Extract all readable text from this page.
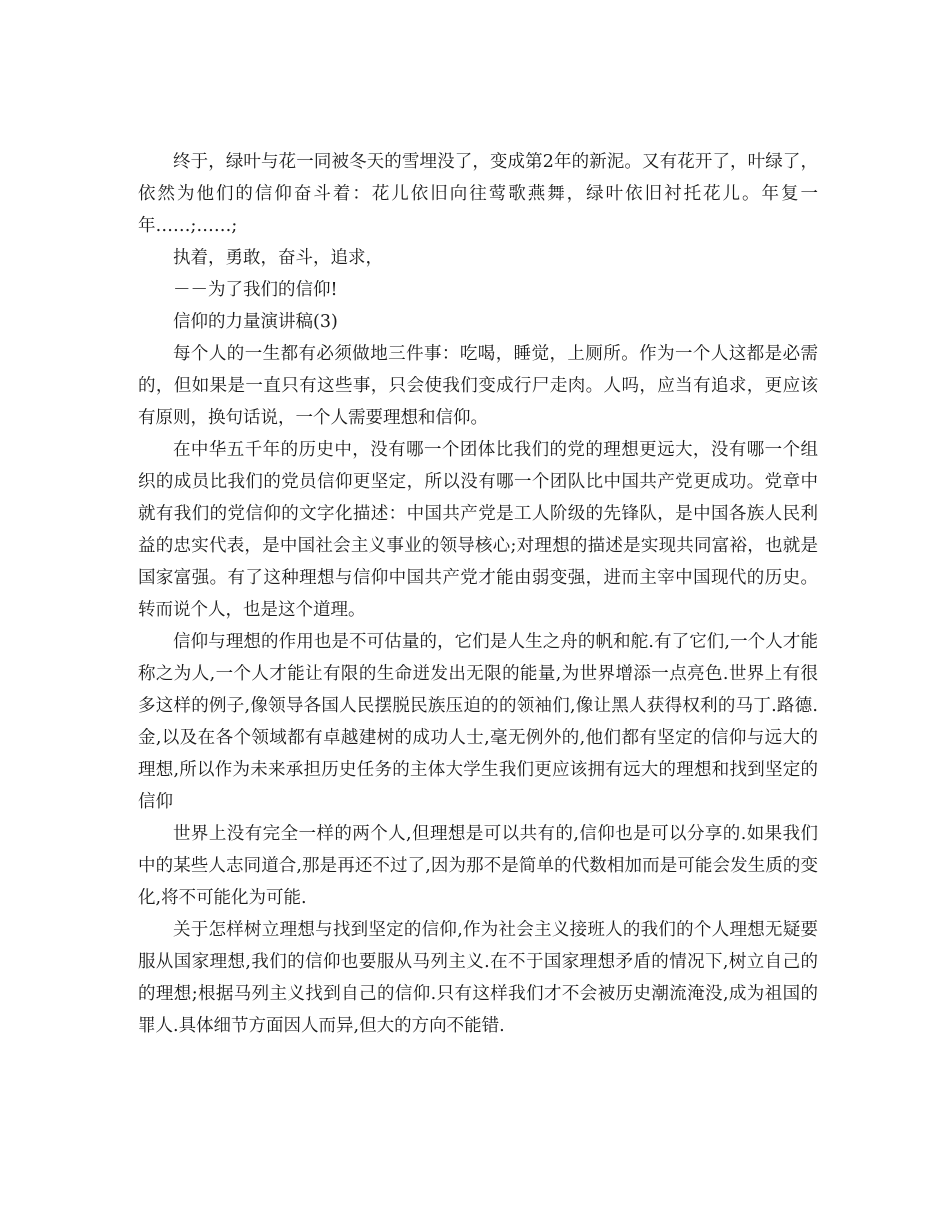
终于，绿叶与花一同被冬天的雪埋没了，变成第2年的新泥。又有花开了，叶绿了，依然为他们的信仰奋斗着：花儿依旧向往莺歌燕舞，绿叶依旧衬托花儿。年复一年……;……;

执着，勇敢，奋斗，追求，

－－为了我们的信仰!

信仰的力量演讲稿(3)

每个人的一生都有必须做地三件事：吃喝，睡觉，上厕所。作为一个人这都是必需的，但如果是一直只有这些事，只会使我们变成行尸走肉。人吗，应当有追求，更应该有原则，换句话说，一个人需要理想和信仰。

在中华五千年的历史中，没有哪一个团体比我们的党的理想更远大，没有哪一个组织的成员比我们的党员信仰更坚定，所以没有哪一个团队比中国共产党更成功。党章中就有我们的党信仰的文字化描述：中国共产党是工人阶级的先锋队，是中国各族人民利益的忠实代表，是中国社会主义事业的领导核心;对理想的描述是实现共同富裕，也就是国家富强。有了这种理想与信仰中国共产党才能由弱变强，进而主宰中国现代的历史。转而说个人，也是这个道理。

信仰与理想的作用也是不可估量的，它们是人生之舟的帆和舵.有了它们,一个人才能称之为人,一个人才能让有限的生命迸发出无限的能量,为世界增添一点亮色.世界上有很多这样的例子,像领导各国人民摆脱民族压迫的的领袖们,像让黑人获得权利的马丁.路德.金,以及在各个领域都有卓越建树的成功人士,毫无例外的,他们都有坚定的信仰与远大的理想,所以作为未来承担历史任务的主体大学生我们更应该拥有远大的理想和找到坚定的信仰

世界上没有完全一样的两个人,但理想是可以共有的,信仰也是可以分享的.如果我们中的某些人志同道合,那是再还不过了,因为那不是简单的代数相加而是可能会发生质的变化,将不可能化为可能.

关于怎样树立理想与找到坚定的信仰,作为社会主义接班人的我们的个人理想无疑要服从国家理想,我们的信仰也要服从马列主义.在不于国家理想矛盾的情况下,树立自己的的理想;根据马列主义找到自己的信仰.只有这样我们才不会被历史潮流淹没,成为祖国的罪人.具体细节方面因人而异,但大的方向不能错.
